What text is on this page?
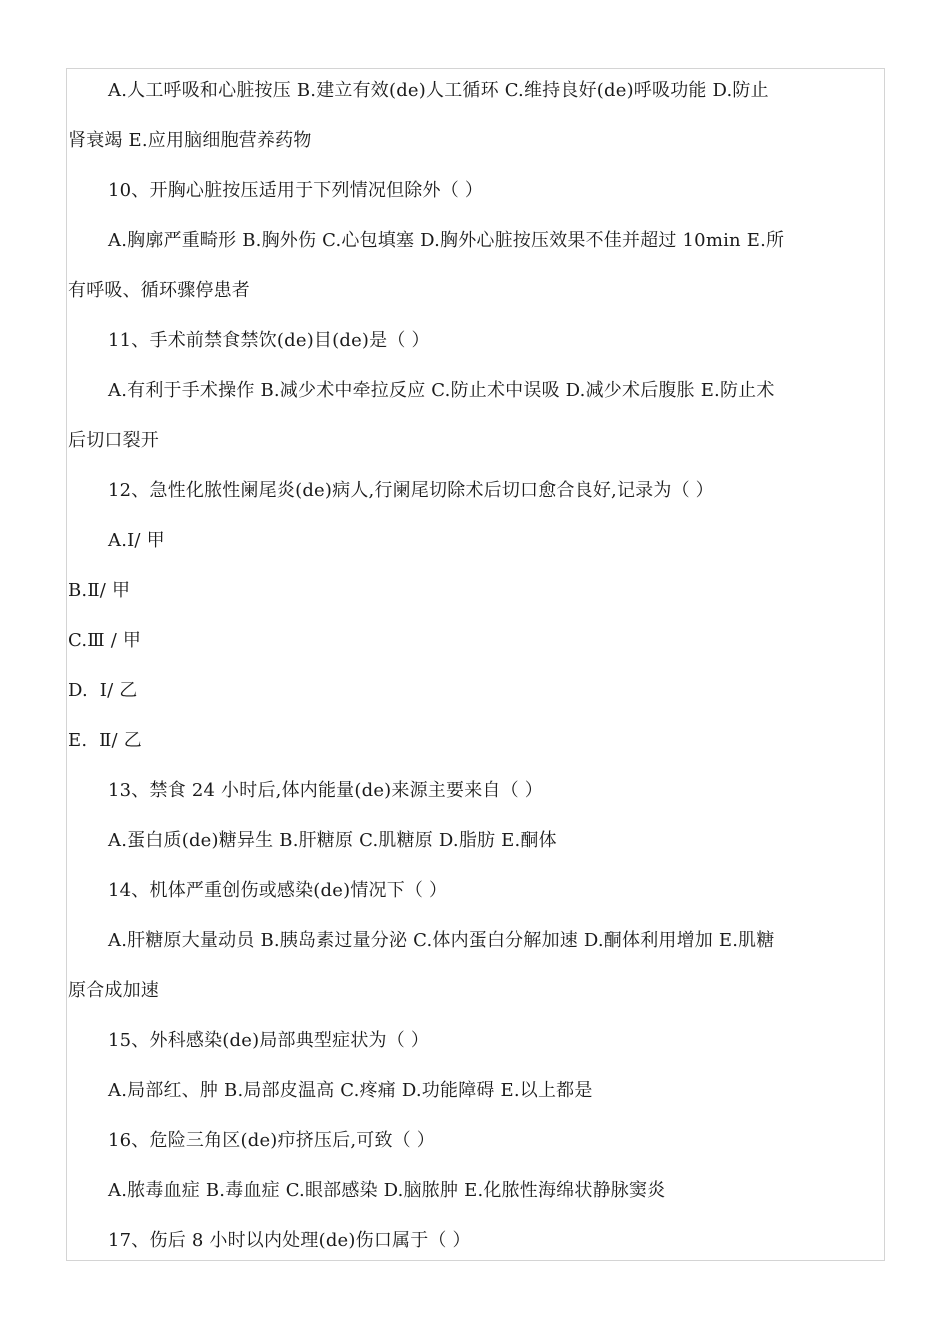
A.人工呼吸和心脏按压 B.建立有效(de)人工循环 C.维持良好(de)呼吸功能 D.防止
肾衰竭 E.应用脑细胞营养药物
10、开胸心脏按压适用于下列情况但除外（ ）
A.胸廓严重畸形 B.胸外伤 C.心包填塞 D.胸外心脏按压效果不佳并超过 10min E.所
有呼吸、循环骤停患者
11、手术前禁食禁饮(de)目(de)是（ ）
A.有利于手术操作 B.减少术中牵拉反应 C.防止术中误吸 D.减少术后腹胀 E.防止术
后切口裂开
12、急性化脓性阑尾炎(de)病人,行阑尾切除术后切口愈合良好,记录为（ ）
A.Ⅰ/ 甲
B.Ⅱ/ 甲
C.Ⅲ / 甲
D.  Ⅰ/ 乙
E.  Ⅱ/ 乙
13、禁食 24 小时后,体内能量(de)来源主要来自（ ）
A.蛋白质(de)糖异生 B.肝糖原 C.肌糖原 D.脂肪 E.酮体
14、机体严重创伤或感染(de)情况下（ ）
A.肝糖原大量动员 B.胰岛素过量分泌 C.体内蛋白分解加速 D.酮体利用增加 E.肌糖
原合成加速
15、外科感染(de)局部典型症状为（ ）
A.局部红、肿 B.局部皮温高 C.疼痛 D.功能障碍 E.以上都是
16、危险三角区(de)疖挤压后,可致（ ）
A.脓毒血症 B.毒血症 C.眼部感染 D.脑脓肿 E.化脓性海绵状静脉窦炎
17、伤后 8 小时以内处理(de)伤口属于（ ）
